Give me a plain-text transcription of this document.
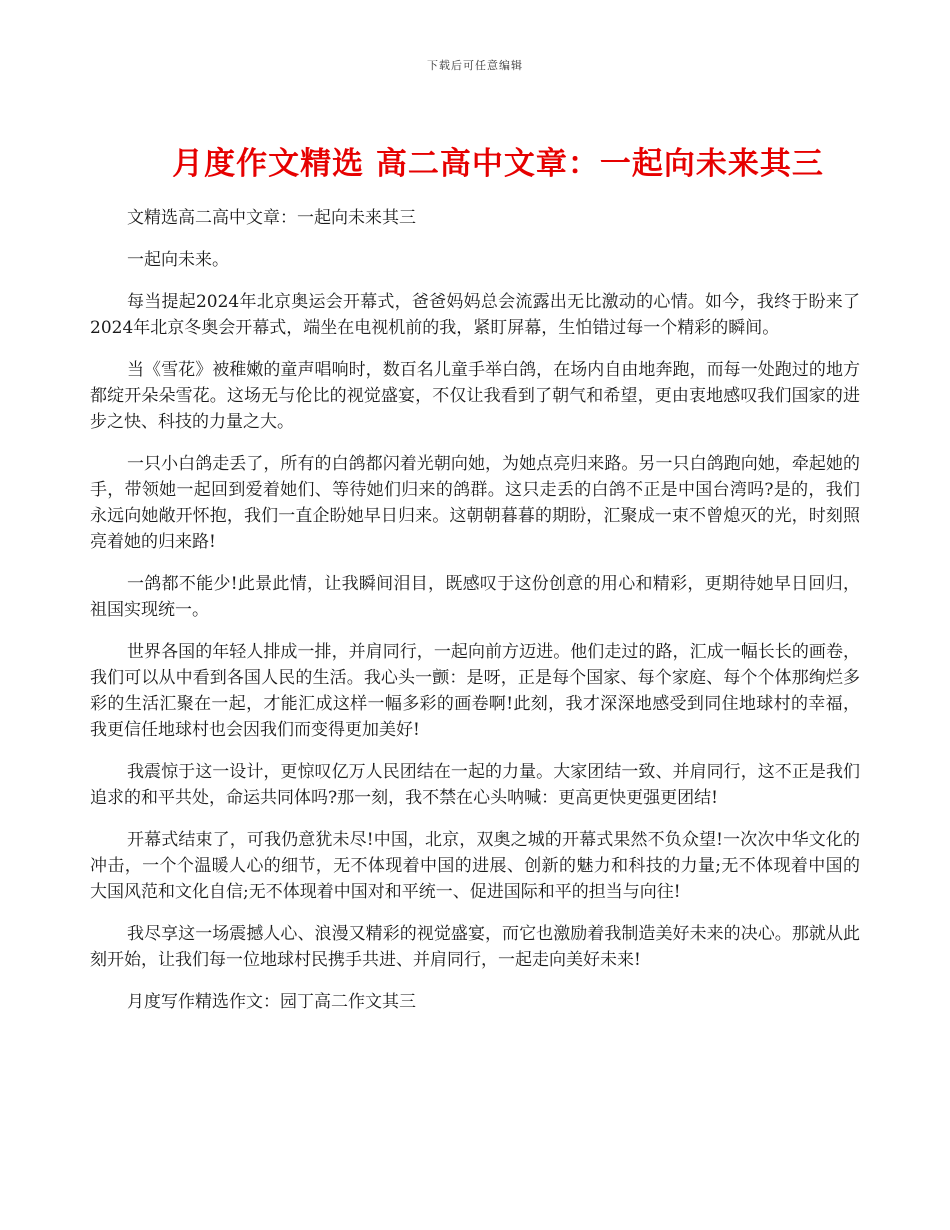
下载后可任意编辑
月度作文精选 高二高中文章：一起向未来其三

文精选高二高中文章：一起向未来其三

一起向未来。

每当提起2024年北京奥运会开幕式，爸爸妈妈总会流露出无比激动的心情。如今，我终于盼来了2024年北京冬奥会开幕式，端坐在电视机前的我，紧盯屏幕，生怕错过每一个精彩的瞬间。

当《雪花》被稚嫩的童声唱响时，数百名儿童手举白鸽，在场内自由地奔跑，而每一处跑过的地方都绽开朵朵雪花。这场无与伦比的视觉盛宴，不仅让我看到了朝气和希望，更由衷地感叹我们国家的进步之快、科技的力量之大。

一只小白鸽走丢了，所有的白鸽都闪着光朝向她，为她点亮归来路。另一只白鸽跑向她，牵起她的手，带领她一起回到爱着她们、等待她们归来的鸽群。这只走丢的白鸽不正是中国台湾吗?是的，我们永远向她敞开怀抱，我们一直企盼她早日归来。这朝朝暮暮的期盼，汇聚成一束不曾熄灭的光，时刻照亮着她的归来路!

一鸽都不能少!此景此情，让我瞬间泪目，既感叹于这份创意的用心和精彩，更期待她早日回归，祖国实现统一。

世界各国的年轻人排成一排，并肩同行，一起向前方迈进。他们走过的路，汇成一幅长长的画卷，我们可以从中看到各国人民的生活。我心头一颤：是呀，正是每个国家、每个家庭、每个个体那绚烂多彩的生活汇聚在一起，才能汇成这样一幅多彩的画卷啊!此刻，我才深深地感受到同住地球村的幸福，我更信任地球村也会因我们而变得更加美好!

我震惊于这一设计，更惊叹亿万人民团结在一起的力量。大家团结一致、并肩同行，这不正是我们追求的和平共处，命运共同体吗?那一刻，我不禁在心头呐喊：更高更快更强更团结!

开幕式结束了，可我仍意犹未尽!中国，北京，双奥之城的开幕式果然不负众望!一次次中华文化的冲击，一个个温暖人心的细节，无不体现着中国的进展、创新的魅力和科技的力量;无不体现着中国的大国风范和文化自信;无不体现着中国对和平统一、促进国际和平的担当与向往!

我尽享这一场震撼人心、浪漫又精彩的视觉盛宴，而它也激励着我制造美好未来的决心。那就从此刻开始，让我们每一位地球村民携手共进、并肩同行，一起走向美好未来!

月度写作精选作文：园丁高二作文其三
